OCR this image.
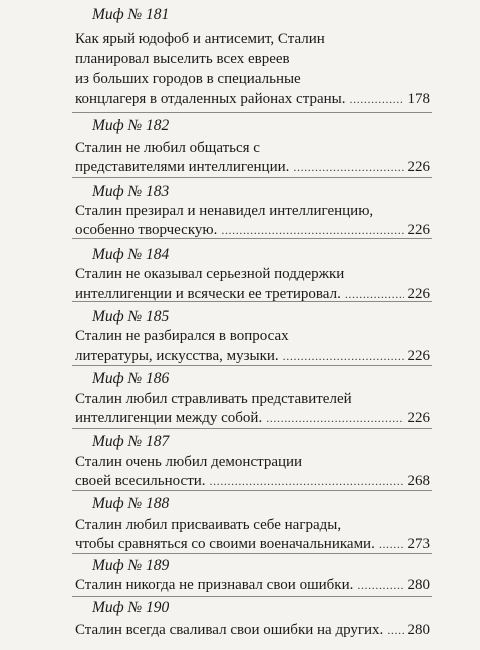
Миф № 181
Как ярый юдофоб и антисемит, Сталин
планировал выселить всех евреев
из больших городов в специальные
концлагеря в отдаленных районах страны. . . .	178
Миф № 182
Сталин не любил общаться с
представителями интеллигенции. . . .	226
Миф № 183
Сталин презирал и ненавидел интеллигенцию,
особенно творческую. . . .	226
Миф № 184
Сталин не оказывал серьезной поддержки
интеллигенции и всячески ее третировал. . . .	226
Миф № 185
Сталин не разбирался в вопросах
литературы, искусства, музыки. . . .	226
Миф № 186
Сталин любил стравливать представителей
интеллигенции между собой. . . .	226
Миф № 187
Сталин очень любил демонстрации
своей всесильности. . . .	268
Миф № 188
Сталин любил присваивать себе награды,
чтобы сравняться со своими военачальниками. . . . 273
Миф № 189
Сталин никогда не признавал свои ошибки. . . .	280
Миф № 190
Сталин всегда сваливал свои ошибки на других. . . . 280
